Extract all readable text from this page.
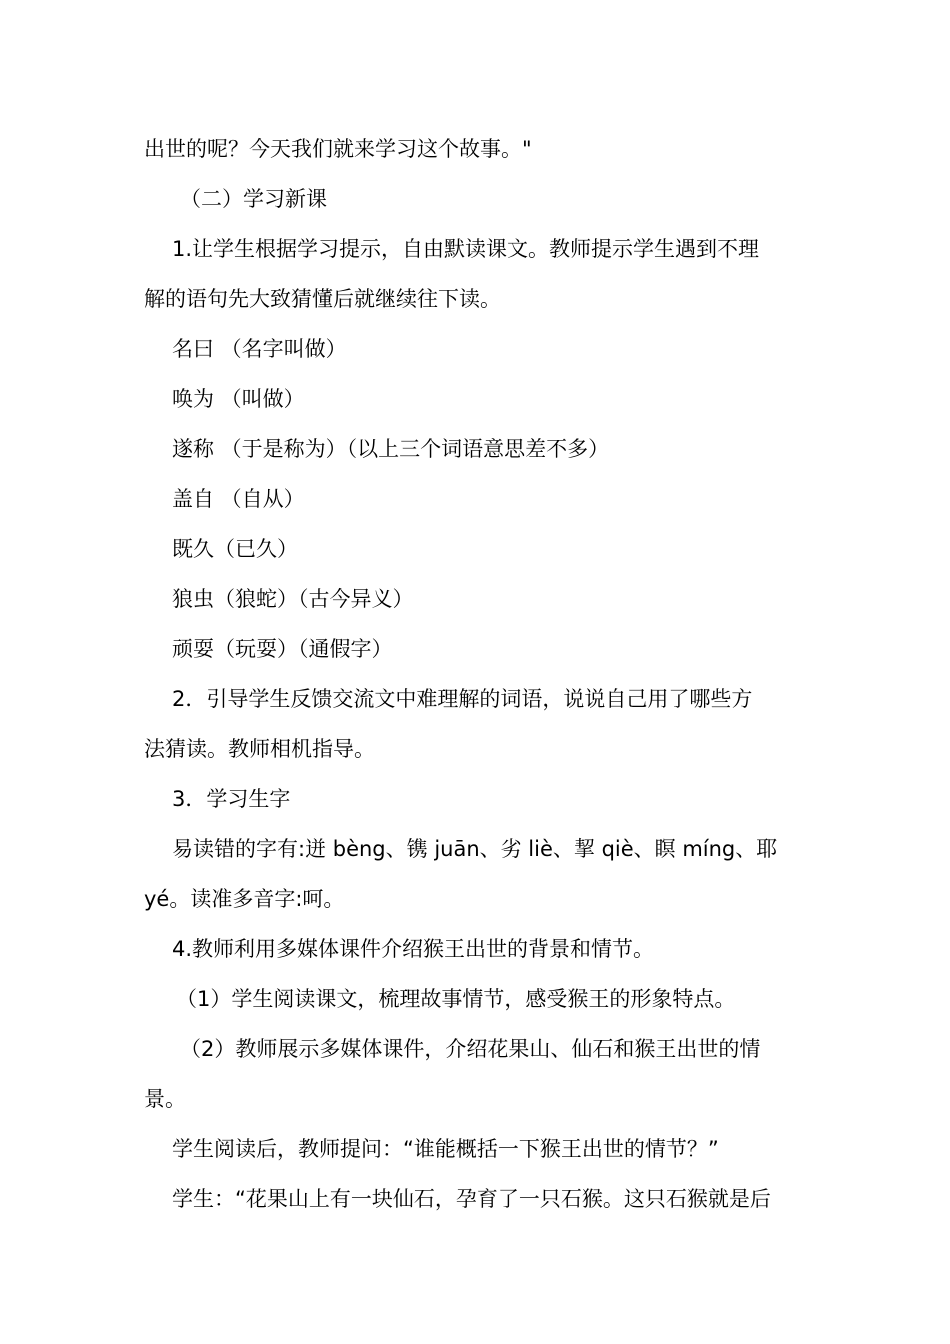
出世的呢？今天我们就来学习这个故事。"
（二）学习新课
1.让学生根据学习提示，自由默读课文。教师提示学生遇到不理
解的语句先大致猜懂后就继续往下读。
名曰 （名字叫做）
唤为 （叫做）
遂称 （于是称为）（以上三个词语意思差不多）
盖自 （自从）
既久（已久）
狼虫（狼蛇）（古今异义）
顽耍（玩耍）（通假字）
2．引导学生反馈交流文中难理解的词语，说说自己用了哪些方
法猜读。教师相机指导。
3．学习生字
易读错的字有:迸 bèng、镌 juān、劣 liè、挈 qiè、瞑 míng、耶
yé。读准多音字:呵。
4.教师利用多媒体课件介绍猴王出世的背景和情节。
（1）学生阅读课文，梳理故事情节，感受猴王的形象特点。
（2）教师展示多媒体课件，介绍花果山、仙石和猴王出世的情
景。
学生阅读后，教师提问：“谁能概括一下猴王出世的情节？”
学生：“花果山上有一块仙石，孕育了一只石猴。这只石猴就是后
